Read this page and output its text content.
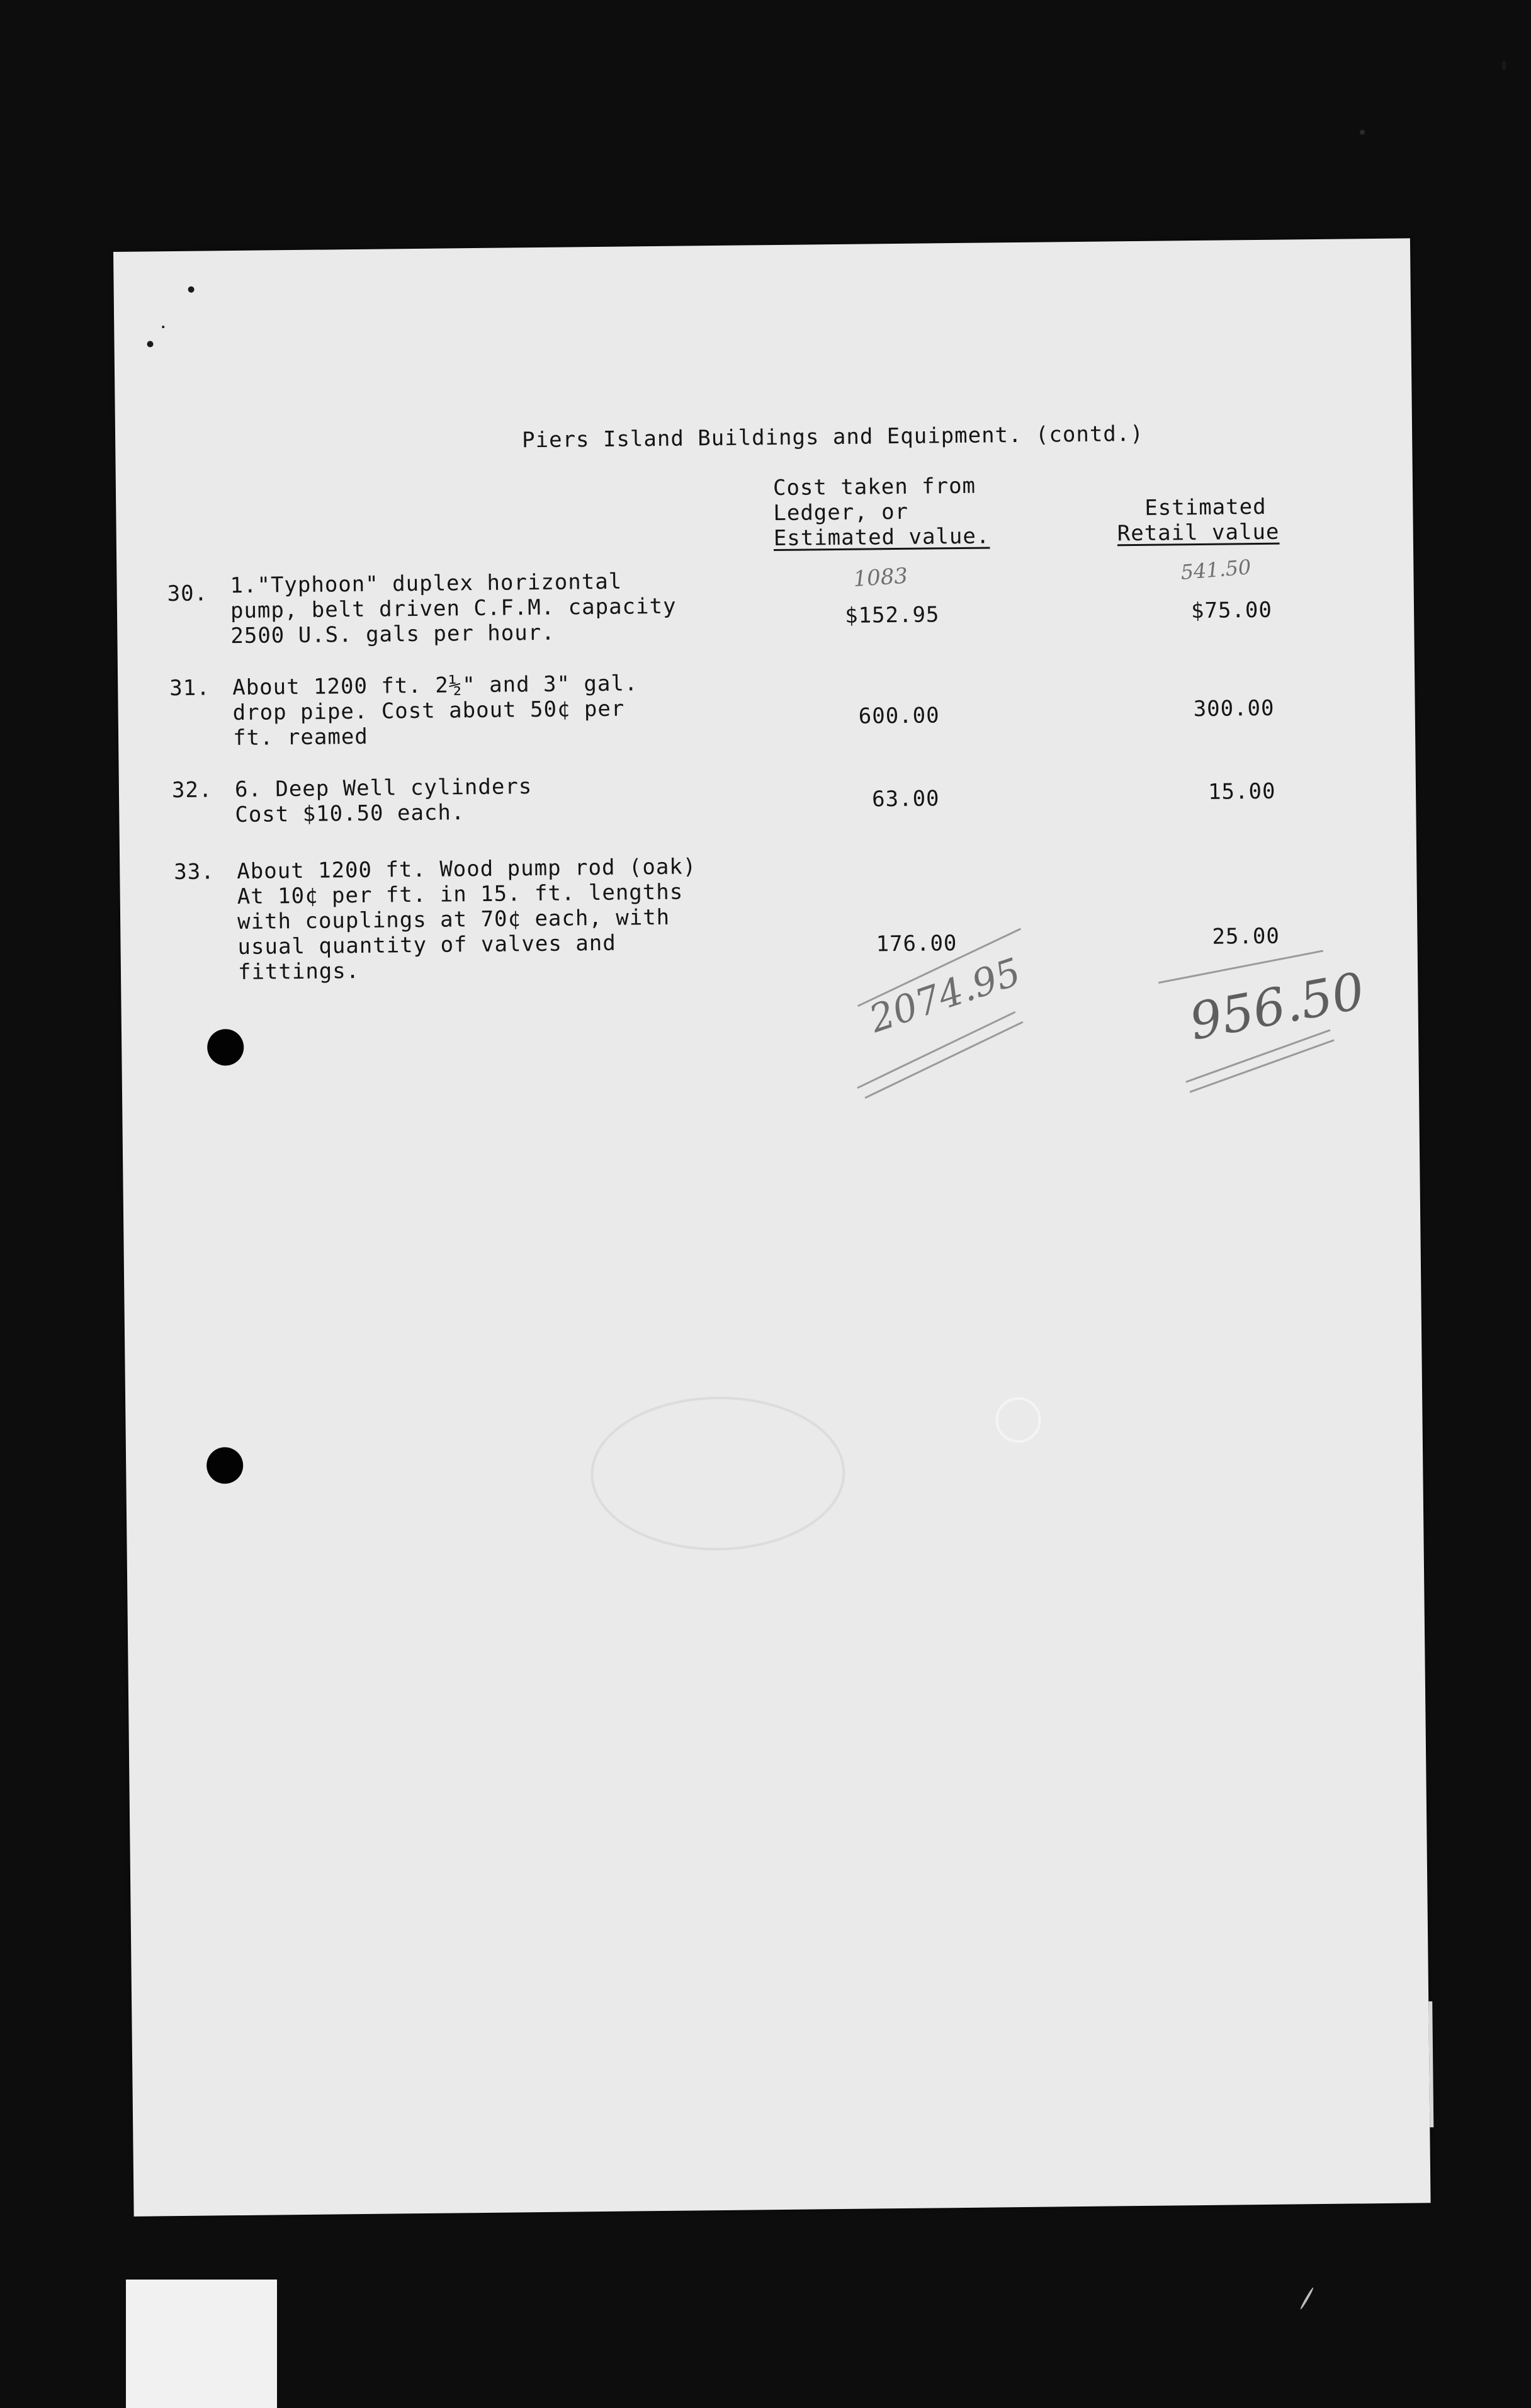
Piers Island Buildings and Equipment. (contd.)
Cost taken from
Ledger, or
Estimated value.
Estimated
Retail value
30. 1."Typhoon" duplex horizontal
pump, belt driven C.F.M. capacity
2500 U.S. gals per hour.
1083	541.50
$152.95	$75.00
31. About 1200 ft. 2½" and 3" gal.
drop pipe. Cost about 50¢ per
ft. reamed
600.00	300.00
32. 6. Deep Well cylinders
Cost $10.50 each.
63.00	15.00
33. About 1200 ft. Wood pump rod (oak)
At 10¢ per ft. in 15. ft. lengths
with couplings at 70¢ each, with
usual quantity of valves and
fittings.
176.00	25.00
2074.95	956.50
